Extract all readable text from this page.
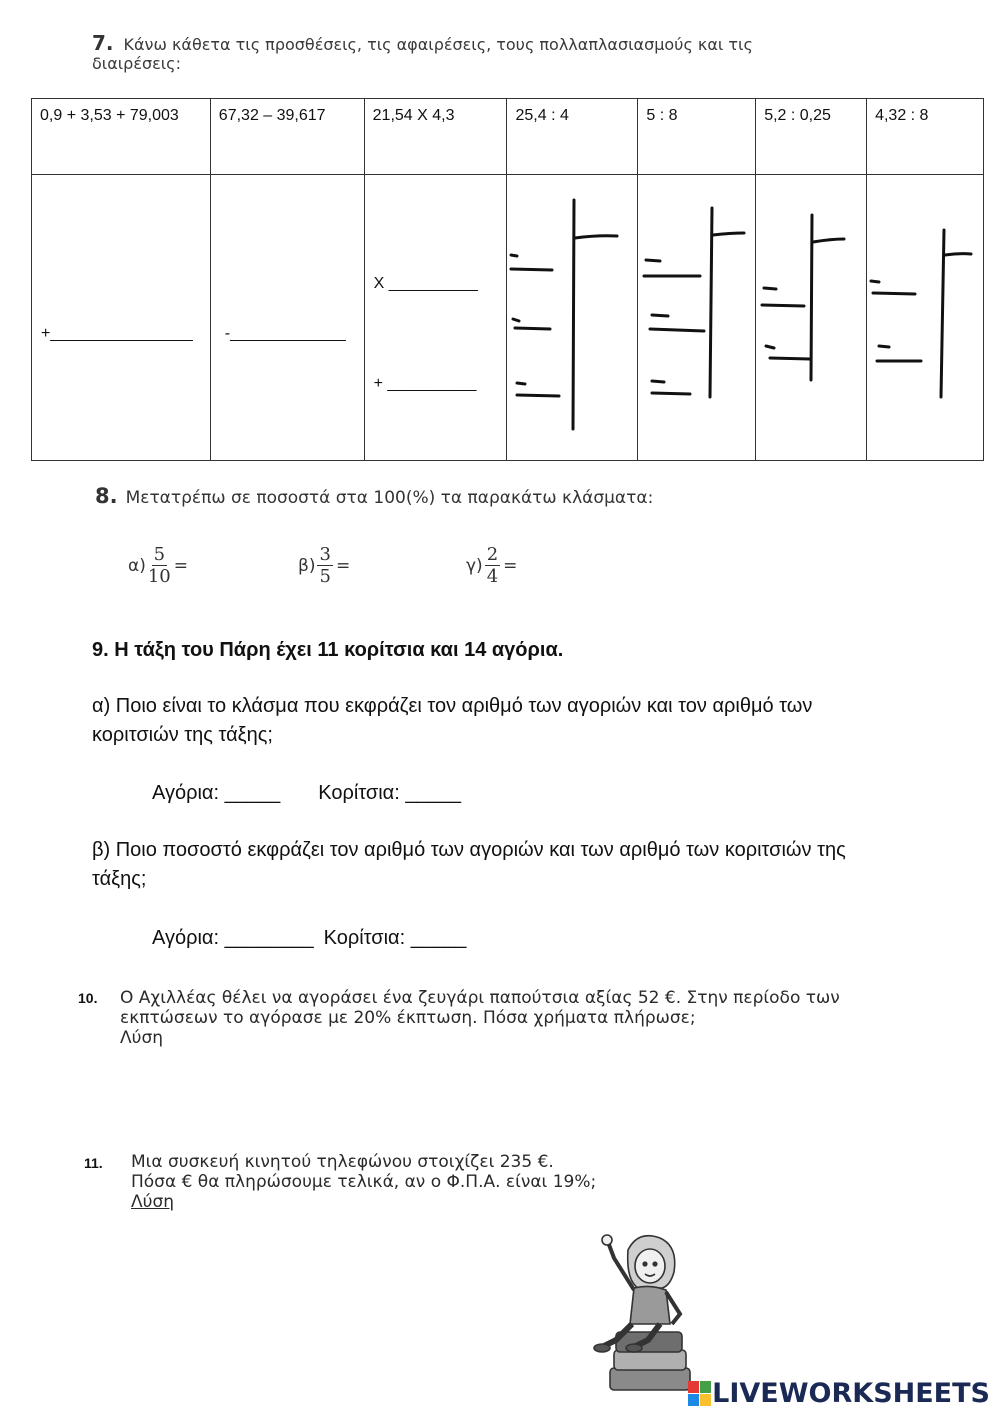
7. Κάνω κάθετα τις προσθέσεις, τις αφαιρέσεις, τους πολλαπλασιασμούς και τις
διαιρέσεις:
0,9 + 3,53 + 79,003	67,32 – 39,617	21,54 X 4,3	25,4 : 4	5 : 8	5,2 : 0,25	4,32 : 8

+________________	-_____________	X __________
+ __________

8. Μετατρέπω σε ποσοστά στα 100(%) τα παρακάτω κλάσματα:
$\alpha) \frac{5}{10}$ =	$\beta) \frac{3}{5}$ =	$\gamma) \frac{2}{4}$ =
9. Η τάξη του Πάρη έχει 11 κορίτσια και 14 αγόρια.
α) Ποιο είναι το κλάσμα που εκφράζει τον αριθμό των αγοριών και τον αριθμό των κοριτσιών της τάξης;
Αγόρια: _____ Κορίτσια: _____
β) Ποιο ποσοστό εκφράζει τον αριθμό των αγοριών και των αριθμό των κοριτσιών της τάξης;
Αγόρια: ________ Κορίτσια: _____
10. Ο Αχιλλέας θέλει να αγοράσει ένα ζευγάρι παπούτσια αξίας 52 €. Στην περίοδο των
εκπτώσεων το αγόρασε με 20% έκπτωση. Πόσα χρήματα πλήρωσε;
Λύση
11. Μια συσκευή κινητού τηλεφώνου στοιχίζει 235 €.
Πόσα € θα πληρώσουμε τελικά, αν ο Φ.Π.Α. είναι 19%;
Λύση
LIVEWORKSHEETS
